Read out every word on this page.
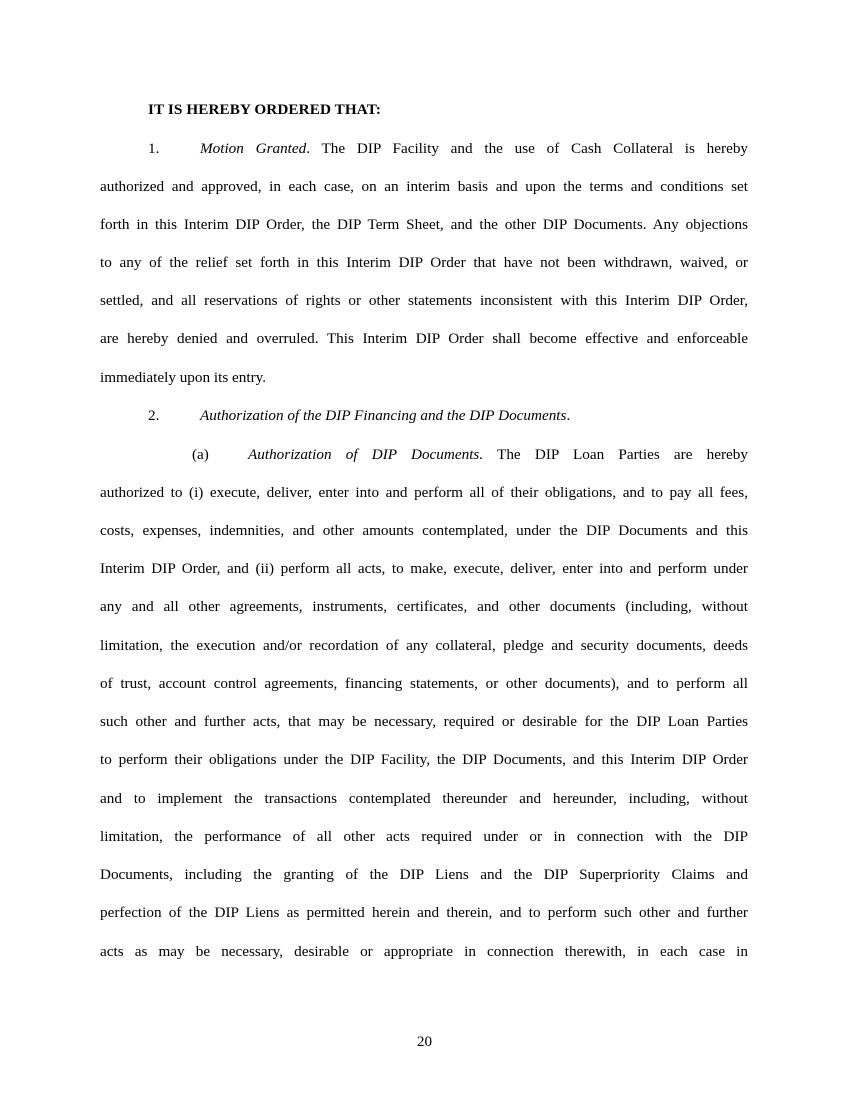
IT IS HEREBY ORDERED THAT:
1.	Motion Granted. The DIP Facility and the use of Cash Collateral is hereby
authorized and approved, in each case, on an interim basis and upon the terms and conditions set
forth in this Interim DIP Order, the DIP Term Sheet, and the other DIP Documents. Any objections
to any of the relief set forth in this Interim DIP Order that have not been withdrawn, waived, or
settled, and all reservations of rights or other statements inconsistent with this Interim DIP Order,
are hereby denied and overruled. This Interim DIP Order shall become effective and enforceable
immediately upon its entry.
2.	Authorization of the DIP Financing and the DIP Documents.
(a)	Authorization of DIP Documents. The DIP Loan Parties are hereby
authorized to (i) execute, deliver, enter into and perform all of their obligations, and to pay all fees,
costs, expenses, indemnities, and other amounts contemplated, under the DIP Documents and this
Interim DIP Order, and (ii) perform all acts, to make, execute, deliver, enter into and perform under
any and all other agreements, instruments, certificates, and other documents (including, without
limitation, the execution and/or recordation of any collateral, pledge and security documents, deeds
of trust, account control agreements, financing statements, or other documents), and to perform all
such other and further acts, that may be necessary, required or desirable for the DIP Loan Parties
to perform their obligations under the DIP Facility, the DIP Documents, and this Interim DIP Order
and to implement the transactions contemplated thereunder and hereunder, including, without
limitation, the performance of all other acts required under or in connection with the DIP
Documents, including the granting of the DIP Liens and the DIP Superpriority Claims and
perfection of the DIP Liens as permitted herein and therein, and to perform such other and further
acts as may be necessary, desirable or appropriate in connection therewith, in each case in
20
